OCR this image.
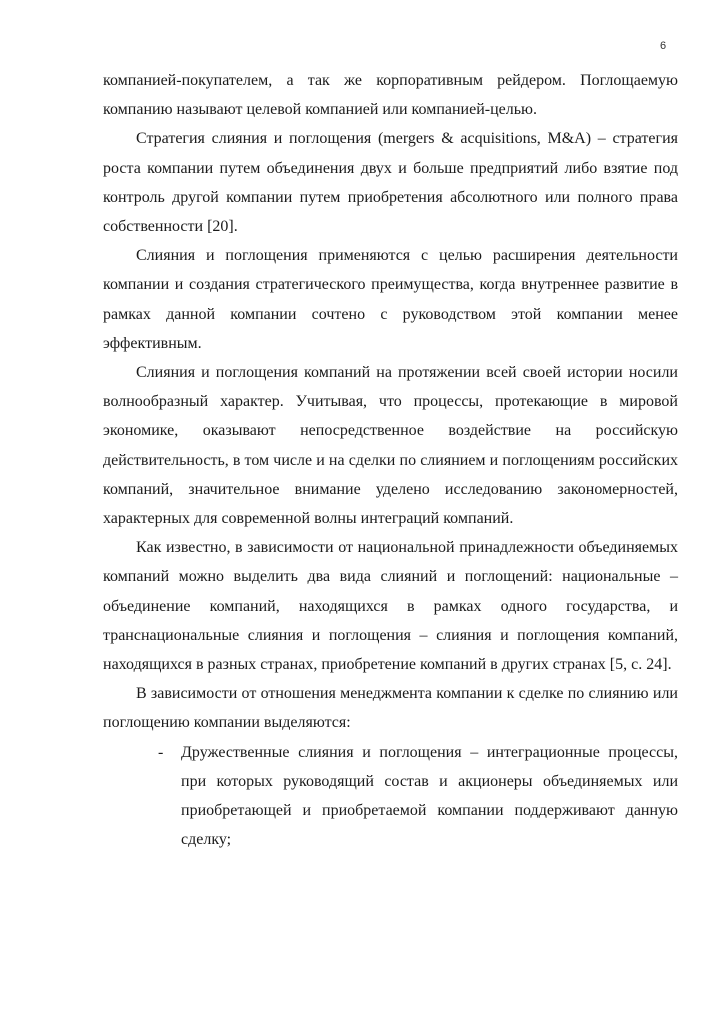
6

компанией-покупателем, а так же корпоративным рейдером. Поглощаемую компанию называют целевой компанией или компанией-целью.

Стратегия слияния и поглощения (mergers & acquisitions, M&A) – стратегия роста компании путем объединения двух и больше предприятий либо взятие под контроль другой компании путем приобретения абсолютного или полного права собственности [20].

Слияния и поглощения применяются с целью расширения деятельности компании и создания стратегического преимущества, когда внутреннее развитие в рамках данной компании сочтено с руководством этой компании менее эффективным.

Слияния и поглощения компаний на протяжении всей своей истории носили волнообразный характер. Учитывая, что процессы, протекающие в мировой экономике, оказывают непосредственное воздействие на российскую действительность, в том числе и на сделки по слиянием и поглощениям российских компаний, значительное внимание уделено исследованию закономерностей, характерных для современной волны интеграций компаний.

Как известно, в зависимости от национальной принадлежности объединяемых компаний можно выделить два вида слияний и поглощений: национальные – объединение компаний, находящихся в рамках одного государства, и транснациональные слияния и поглощения – слияния и поглощения компаний, находящихся в разных странах, приобретение компаний в других странах [5, с. 24].

В зависимости от отношения менеджмента компании к сделке по слиянию или поглощению компании выделяются:

- Дружественные слияния и поглощения – интеграционные процессы, при которых руководящий состав и акционеры объединяемых или приобретающей и приобретаемой компании поддерживают данную сделку;
